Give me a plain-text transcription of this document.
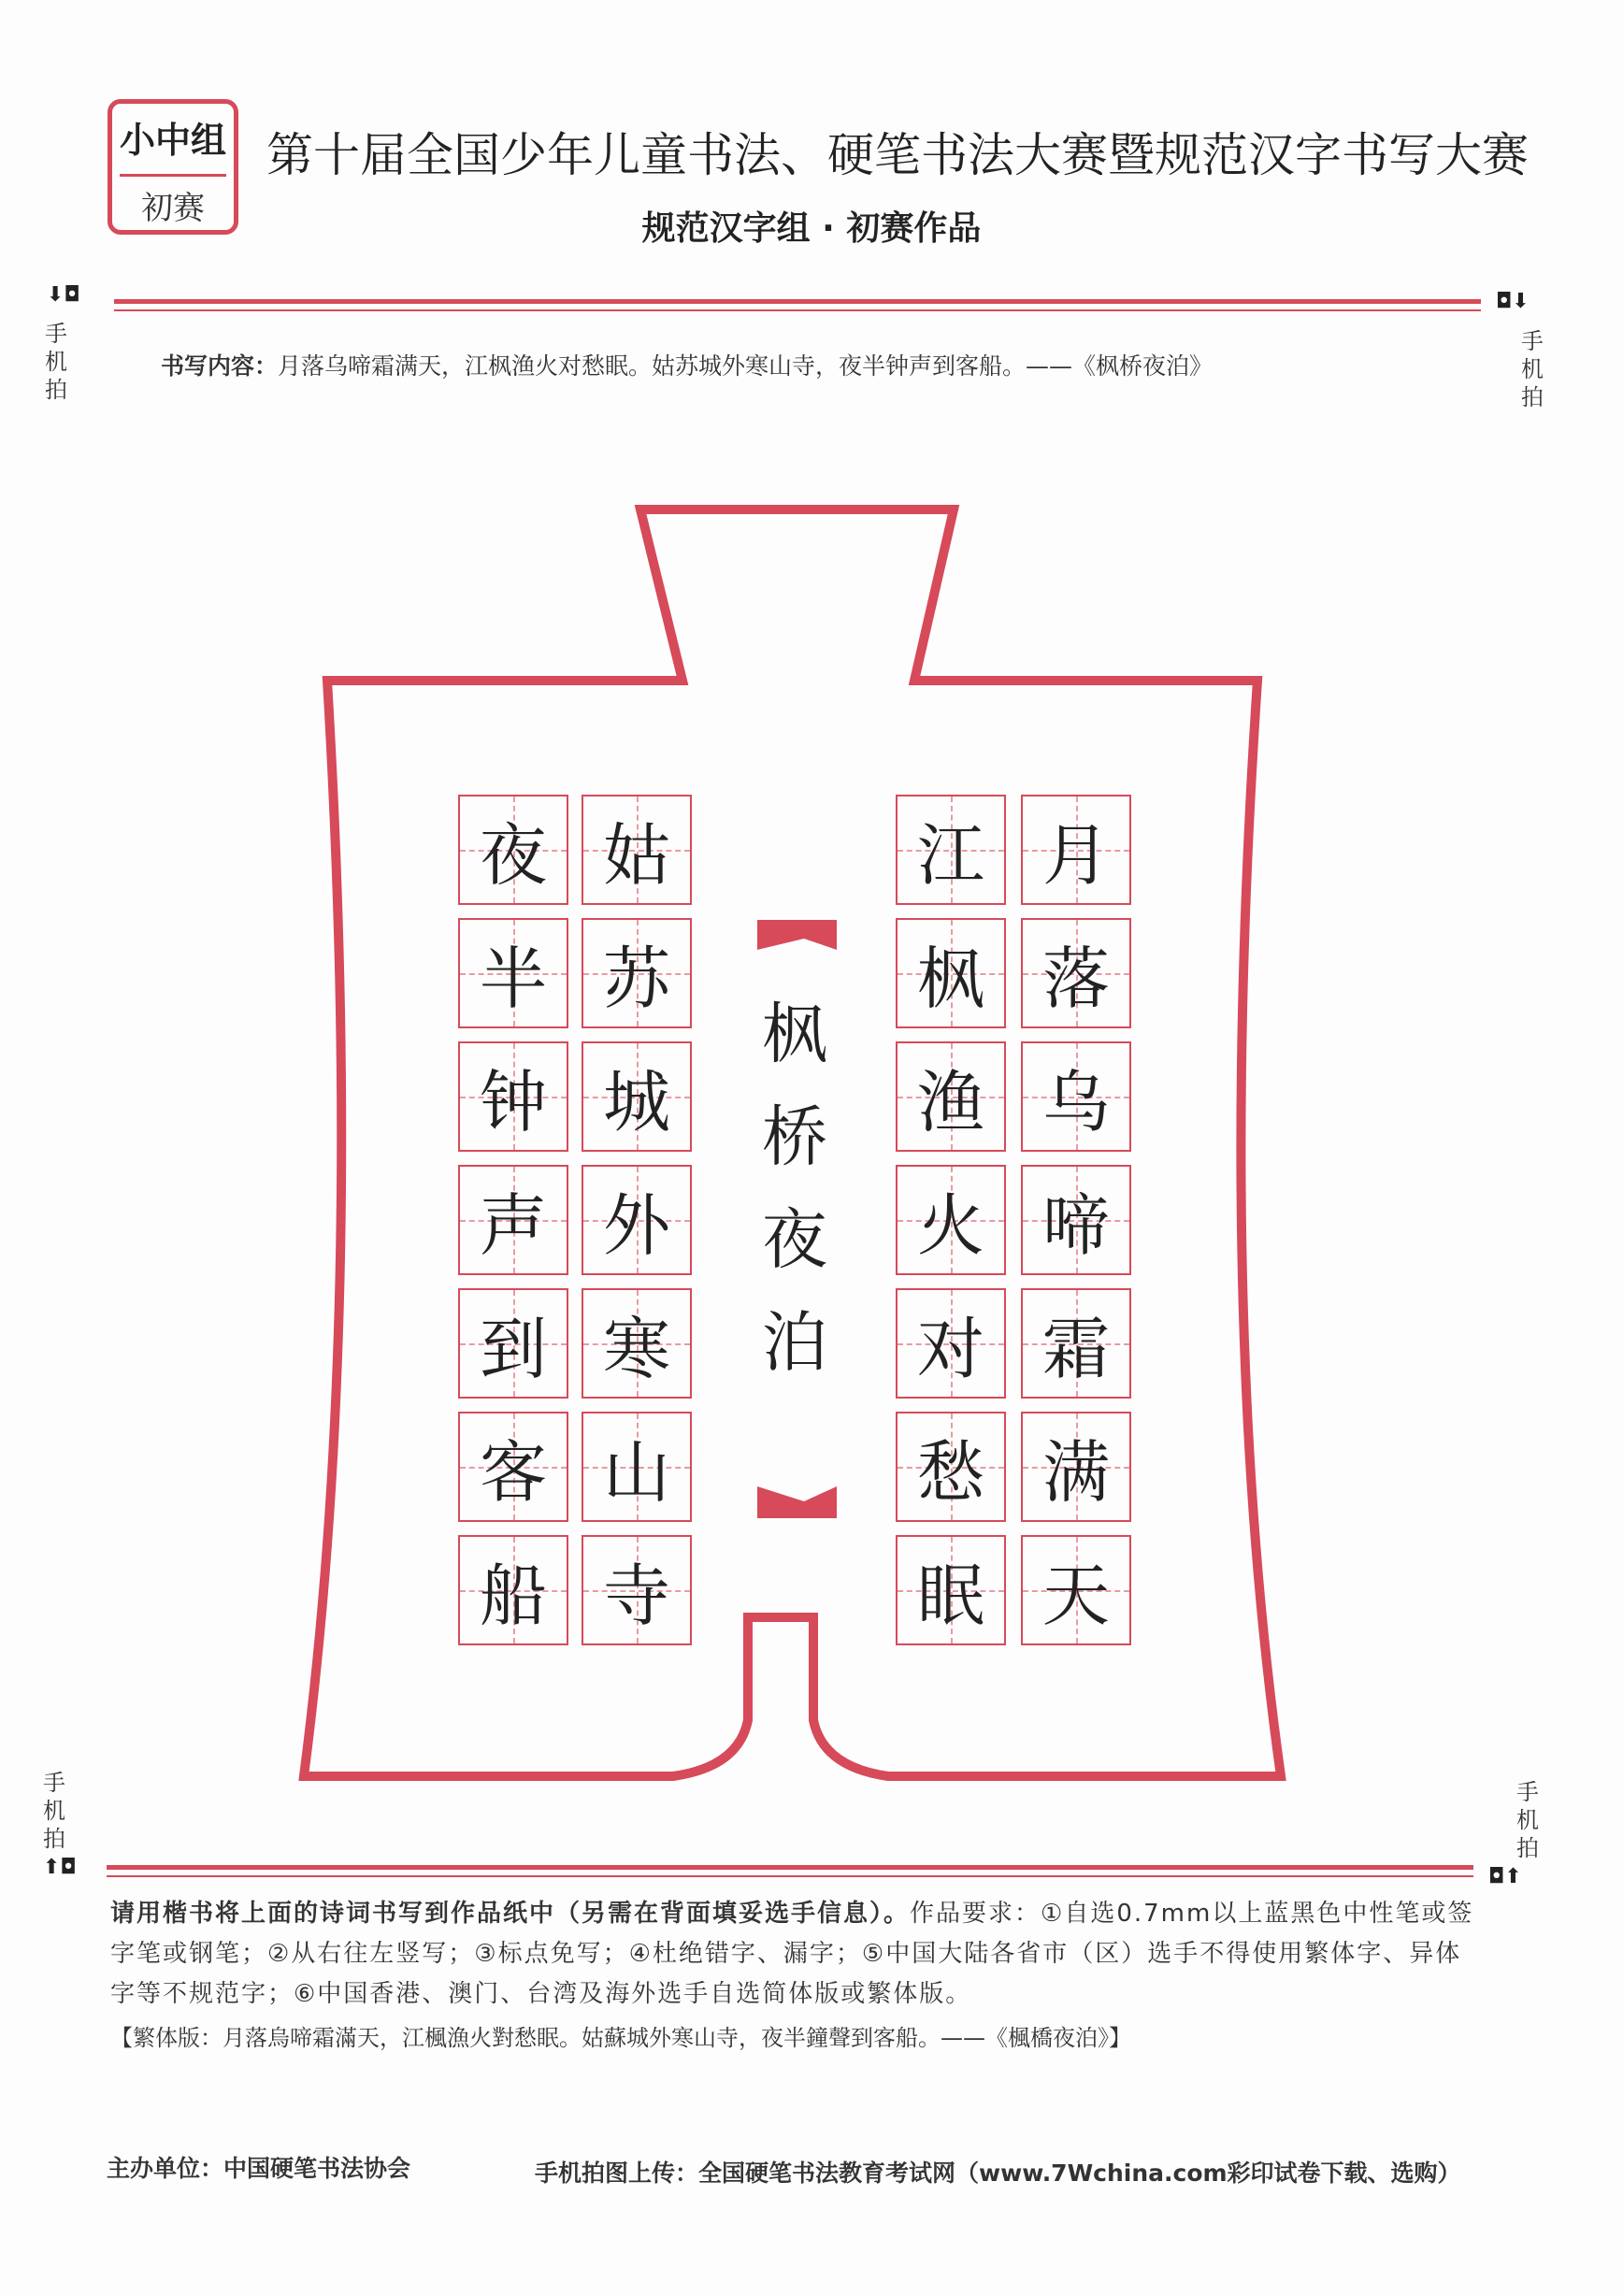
小中组
初赛
第十届全国少年儿童书法、硬笔书法大赛暨规范汉字书写大赛
规范汉字组 · 初赛作品
⬇◘
手机拍
◘⬇
手机拍
书写内容：月落乌啼霜满天，江枫渔火对愁眠。姑苏城外寒山寺，夜半钟声到客船。——《枫桥夜泊》
枫
桥
夜
泊
月
落
乌
啼
霜
满
天
江
枫
渔
火
对
愁
眠
姑
苏
城
外
寒
山
寺
夜
半
钟
声
到
客
船
手机拍
⬆◘
手机拍
◘⬆
请用楷书将上面的诗词书写到作品纸中（另需在背面填妥选手信息）。作品要求：①自选0.7mm以上蓝黑色中性笔或签字笔或钢笔；②从右往左竖写；③标点免写；④杜绝错字、漏字；⑤中国大陆各省市（区）选手不得使用繁体字、异体字等不规范字；⑥中国香港、澳门、台湾及海外选手自选简体版或繁体版。
【繁体版：月落烏啼霜滿天，江楓漁火對愁眠。姑蘇城外寒山寺，夜半鐘聲到客船。——《楓橋夜泊》】
主办单位：中国硬笔书法协会	手机拍图上传：全国硬笔书法教育考试网（www.7Wchina.com彩印试卷下载、选购）
